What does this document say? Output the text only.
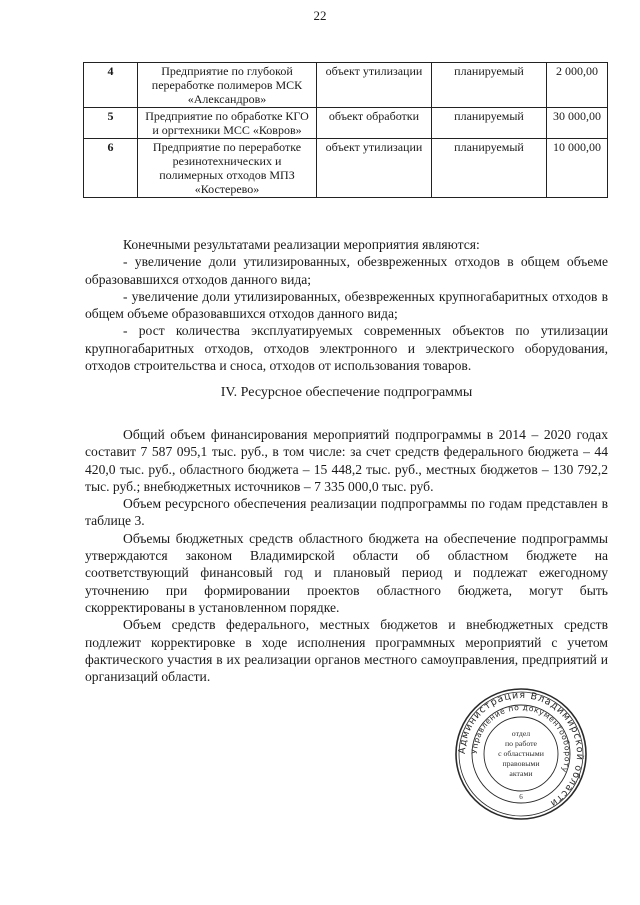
22
4	Предприятие по глубокой переработке полимеров МСК «Александров»	объект утилизации	планируемый	2 000,00
5	Предприятие по обработке КГО и оргтехники МСС «Ковров»	объект обработки	планируемый	30 000,00
6	Предприятие по переработке резинотехнических и полимерных отходов МПЗ «Костерево»	объект утилизации	планируемый	10 000,00

Конечными результатами реализации мероприятия являются:

- увеличение доли утилизированных, обезвреженных отходов в общем объеме образовавшихся отходов данного вида;

- увеличение доли утилизированных, обезвреженных крупногабаритных отходов в общем объеме образовавшихся отходов данного вида;

- рост количества эксплуатируемых современных объектов по утилизации крупногабаритных отходов, отходов электронного и электрического оборудования, отходов строительства и сноса, отходов от использования товаров.

IV. Ресурсное обеспечение подпрограммы

Общий объем финансирования мероприятий подпрограммы в 2014 – 2020 годах составит 7 587 095,1 тыс. руб., в том числе: за счет средств федерального бюджета – 44 420,0 тыс. руб., областного бюджета – 15 448,2 тыс. руб., местных бюджетов – 130 792,2 тыс. руб.; внебюджетных источников – 7 335 000,0 тыс. руб.

Объем ресурсного обеспечения реализации подпрограммы по годам представлен в таблице 3.

Объемы бюджетных средств областного бюджета на обеспечение подпрограммы утверждаются законом Владимирской области об областном бюджете на соответствующий финансовый год и плановый период и подлежат ежегодному уточнению при формировании проектов областного бюджета, могут быть скорректированы в установленном порядке.

Объем средств федерального, местных бюджетов и внебюджетных средств подлежит корректировке в ходе исполнения программных мероприятий с учетом фактического участия в их реализации органов местного самоуправления, предприятий и организаций области.

Администрация Владимирской области
Управление по документообороту
отдел
по работе
с областными
правовыми
актами
6
